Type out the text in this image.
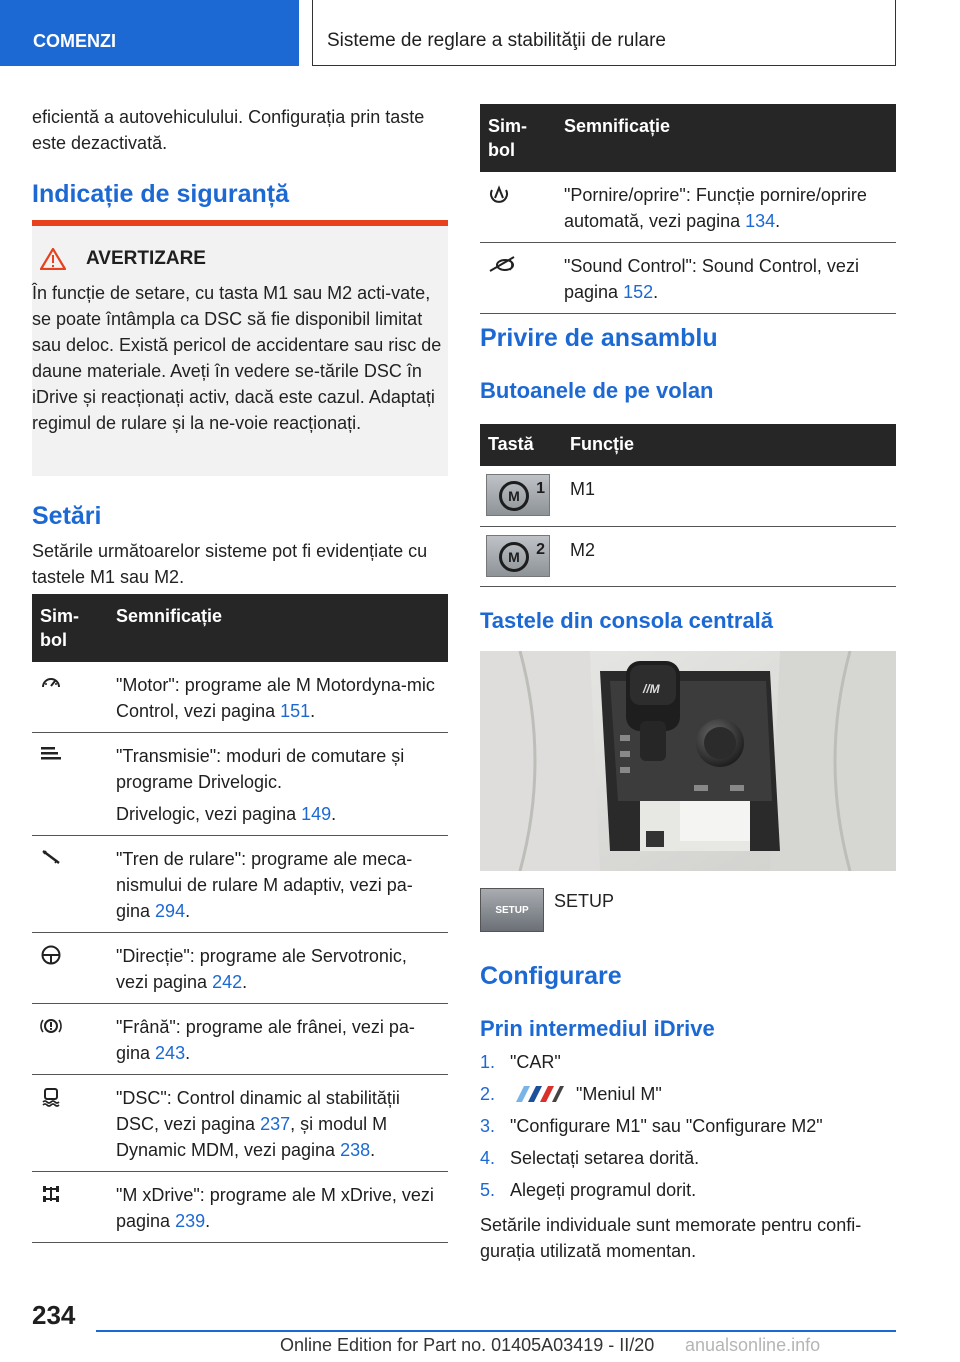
COMENZI	Sisteme de reglare a stabilităţii de rulare

eficientă a autovehiculului. Configurația prin taste este dezactivată.

Indicație de siguranță
AVERTIZARE

În funcție de setare, cu tasta M1 sau M2 acti‐vate, se poate întâmpla ca DSC să fie disponibil limitat sau deloc. Există pericol de accidentare sau risc de daune materiale. Aveți în vedere se‐tările DSC în iDrive și reacționați activ, dacă este cazul. Adaptați regimul de rulare și la ne‐voie reacționați.

Setări

Setările următoarelor sisteme pot fi evidențiate cu tastele M1 sau M2.

Sim‐bol	Semnificație

	"Motor": programe ale M Motordyna‐mic Control, vezi pagina 151.

"Transmisie": moduri de comutare și programe Drivelogic.
Drivelogic, vezi pagina 149.

	"Tren de rulare": programe ale meca‐nismului de rulare M adaptiv, vezi pa‐gina 294.

	"Direcție": programe ale Servotronic, vezi pagina 242.

	"Frână": programe ale frânei, vezi pa‐gina 243.

	"DSC": Control dinamic al stabilității DSC, vezi pagina 237, și modul M Dynamic MDM, vezi pagina 238.

	"M xDrive": programe ale M xDrive, vezi pagina 239.
Sim‐bol	Semnificație

	"Pornire/oprire": Funcție pornire/oprire automată, vezi pagina 134.

	"Sound Control": Sound Control, vezi pagina 152.
Privire de ansamblu
Butoanele de pe volan
Tastă	Funcție

M 1	M1

M 2	M2
Tastele din consola centrală
//M
SETUP	SETUP
Configurare
Prin intermediul iDrive
1. "CAR"
2.	"Meniul M"
3. "Configurare M1" sau "Configurare M2"
4. Selectați setarea dorită.
5. Alegeți programul dorit.

Setările individuale sunt memorate pentru confi‐gurația utilizată momentan.

234
Online Edition for Part no. 01405A03419 - II/20 anualsonline.info
